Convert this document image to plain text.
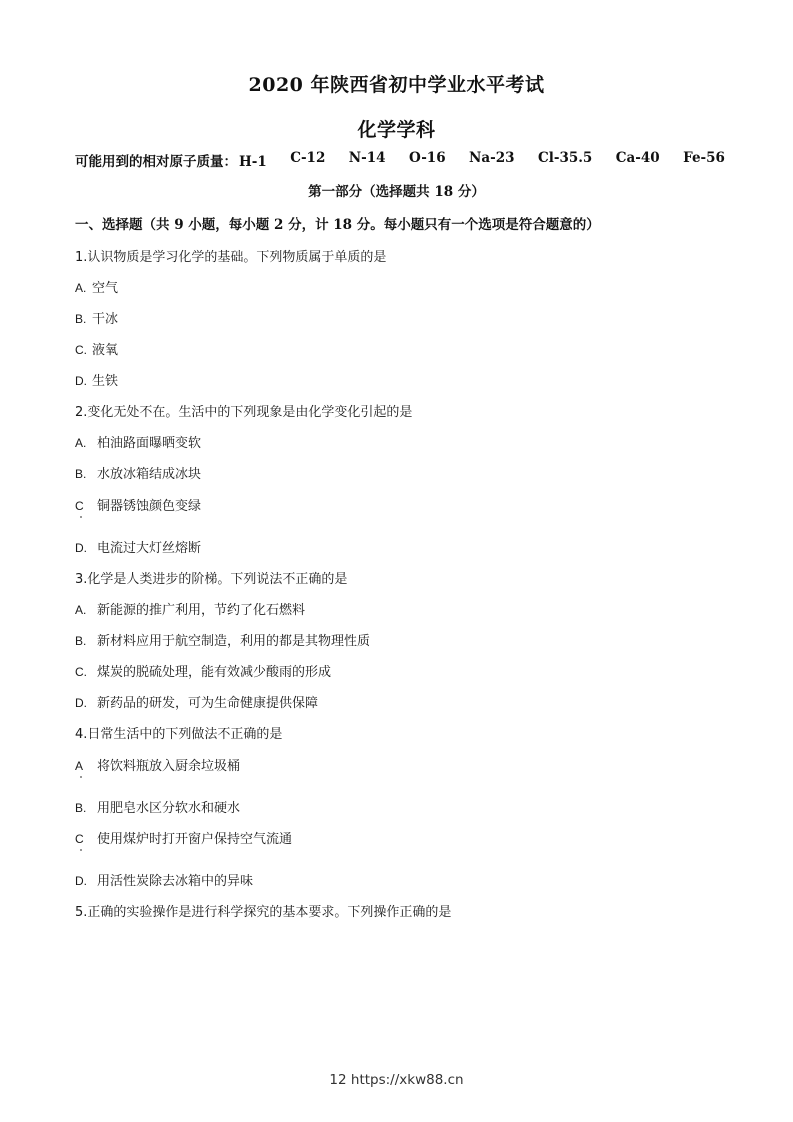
2020 年陕西省初中学业水平考试
化学学科
可能用到的相对原子质量： H-1 C-12 N-14 O-16 Na-23 Cl-35.5 Ca-40 Fe-56
第一部分（选择题共 18 分）
一、选择题（共 9 小题，每小题 2 分，计 18 分。每小题只有一个选项是符合题意的）
1.认识物质是学习化学的基础。下列物质属于单质的是
A. 空气
B. 干冰
C. 液氧
D. 生铁
2.变化无处不在。生活中的下列现象是由化学变化引起的是
A. 柏油路面曝晒变软
B. 水放冰箱结成冰块
C 铜器锈蚀颜色变绿
D. 电流过大灯丝熔断
3.化学是人类进步的阶梯。下列说法不正确的是
A. 新能源的推广利用，节约了化石燃料
B. 新材料应用于航空制造，利用的都是其物理性质
C. 煤炭的脱硫处理，能有效减少酸雨的形成
D. 新药品的研发，可为生命健康提供保障
4.日常生活中的下列做法不正确的是
A 将饮料瓶放入厨余垃圾桶
B. 用肥皂水区分软水和硬水
C 使用煤炉时打开窗户保持空气流通
D. 用活性炭除去冰箱中的异味
5.正确的实验操作是进行科学探究的基本要求。下列操作正确的是
12 https://xkw88.cn
